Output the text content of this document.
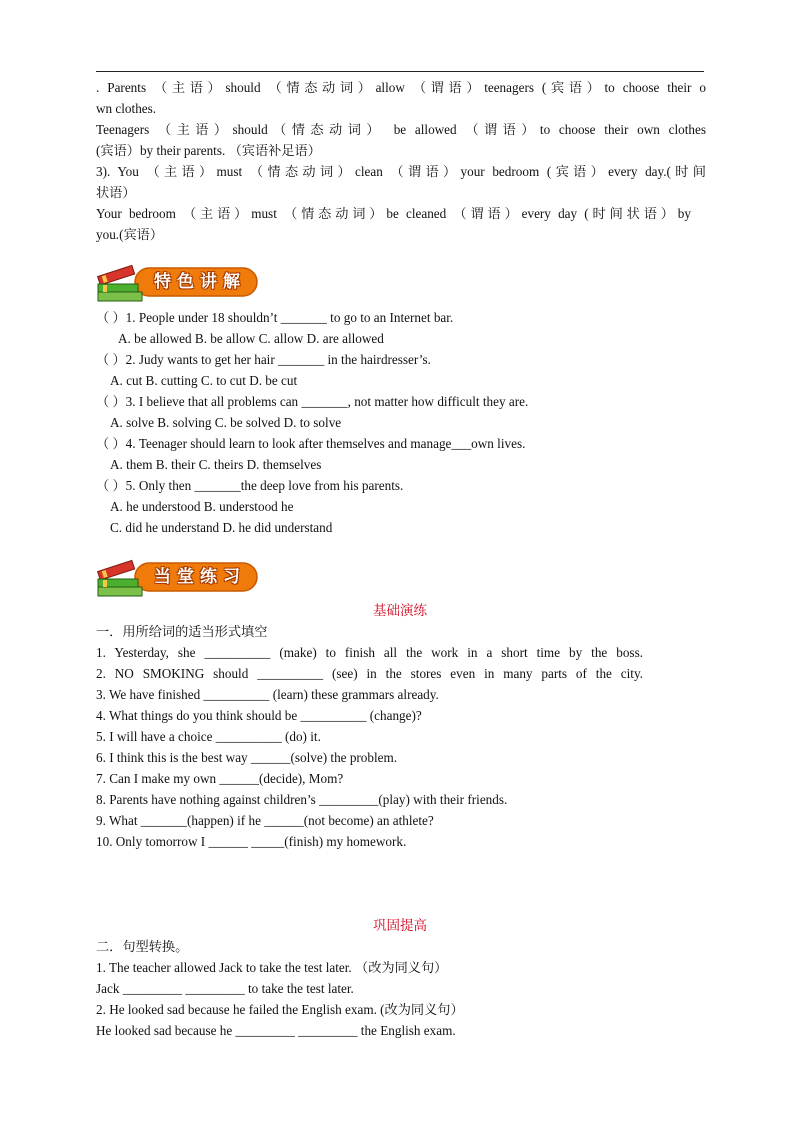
. Parents （主语）should （情态动词）allow （谓语）teenagers (宾语）to choose their o
wn clothes.
Teenagers （主语）should（情态动词） be allowed （谓语）to choose their own clothes
(宾语）by their parents. （宾语补足语）
3). You （主语）must （情态动词）clean （谓语）your bedroom (宾语）every day.(时间
状语）
Your bedroom （主语）must （情态动词）be cleaned （谓语）every day (时间状语）by
you.(宾语）
特色讲解
（ ）1. People under 18 shouldn’t _______ to go to an Internet bar.
A. be allowed B. be allow C. allow D. are allowed
（ ）2. Judy wants to get her hair _______ in the hairdresser’s.
A. cut B. cutting C. to cut D. be cut
（ ）3. I believe that all problems can _______, not matter how difficult they are.
A. solve B. solving C. be solved D. to solve
（ ）4. Teenager should learn to look after themselves and manage___own lives.
A. them B. their C. theirs D. themselves
（ ）5. Only then _______the deep love from his parents.
A. he understood B. understood he
C. did he understand D. he did understand
当堂练习
基础演练
一．用所给词的适当形式填空
1. Yesterday, she __________ (make) to finish all the work in a short time by the boss.
2. NO SMOKING should __________ (see) in the stores even in many parts of the city.
3. We have finished __________ (learn) these grammars already.
4. What things do you think should be __________ (change)?
5. I will have a choice __________ (do) it.
6. I think this is the best way ______(solve) the problem.
7. Can I make my own ______(decide), Mom?
8. Parents have nothing against children’s _________(play) with their friends.
9. What _______(happen) if he ______(not become) an athlete?
10. Only tomorrow I ______ _____(finish) my homework.
巩固提高
二．句型转换。
1. The teacher allowed Jack to take the test later. （改为同义句）
Jack _________ _________ to take the test later.
2. He looked sad because he failed the English exam. (改为同义句）
He looked sad because he _________ _________ the English exam.
